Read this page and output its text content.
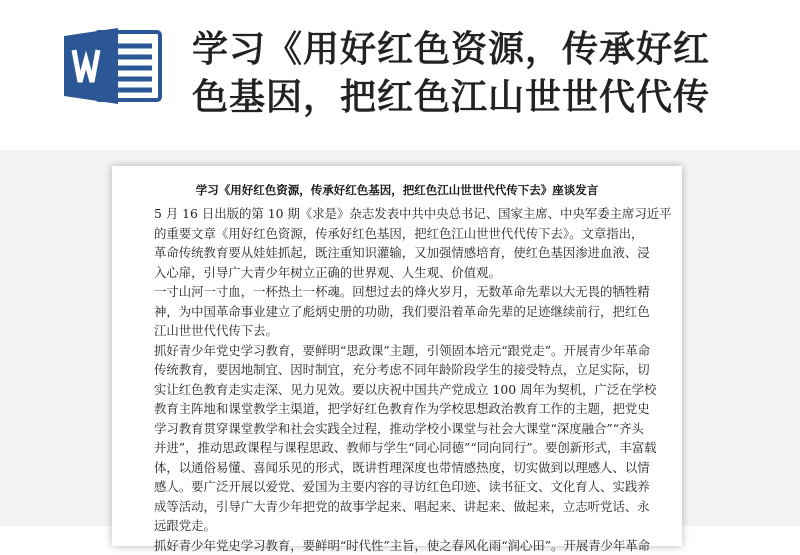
学习《用好红色资源，传承好红
色基因，把红色江山世世代代传

学习《用好红色资源，传承好红色基因，把红色江山世世代代传下去》座谈发言

5 月 16 日出版的第 10 期《求是》杂志发表中共中央总书记、国家主席、中央军委主席习近平
的重要文章《用好红色资源，传承好红色基因，把红色江山世世代代传下去》。文章指出，
革命传统教育要从娃娃抓起，既注重知识灌输，又加强情感培育，使红色基因渗进血液、浸
入心扉，引导广大青少年树立正确的世界观、人生观、价值观。
一寸山河一寸血，一杯热土一杯魂。回想过去的烽火岁月，无数革命先辈以大无畏的牺牲精
神，为中国革命事业建立了彪炳史册的功勋，我们要沿着革命先辈的足迹继续前行，把红色
江山世世代代传下去。
抓好青少年党史学习教育，要鲜明“思政课”主题，引领固本培元“跟党走”。开展青少年革命
传统教育，要因地制宜、因时制宜，充分考虑不同年龄阶段学生的接受特点，立足实际，切
实让红色教育走实走深、见力见效。要以庆祝中国共产党成立 100 周年为契机，广泛在学校
教育主阵地和课堂教学主渠道，把学好红色教育作为学校思想政治教育工作的主题，把党史
学习教育贯穿课堂教学和社会实践全过程，推动学校小课堂与社会大课堂“深度融合”“齐头
并进”，推动思政课程与课程思政、教师与学生“同心同德”“同向同行”。要创新形式，丰富载
体，以通俗易懂、喜闻乐见的形式，既讲哲理深度也带情感热度，切实做到以理感人、以情
感人。要广泛开展以爱党、爱国为主要内容的寻访红色印迹、读书征文、文化育人、实践养
成等活动，引导广大青少年把党的故事学起来、唱起来、讲起来、做起来，立志听党话、永
远跟党走。
抓好青少年党史学习教育，要鲜明“时代性”主旨，使之春风化雨“润心田”。开展青少年革命
